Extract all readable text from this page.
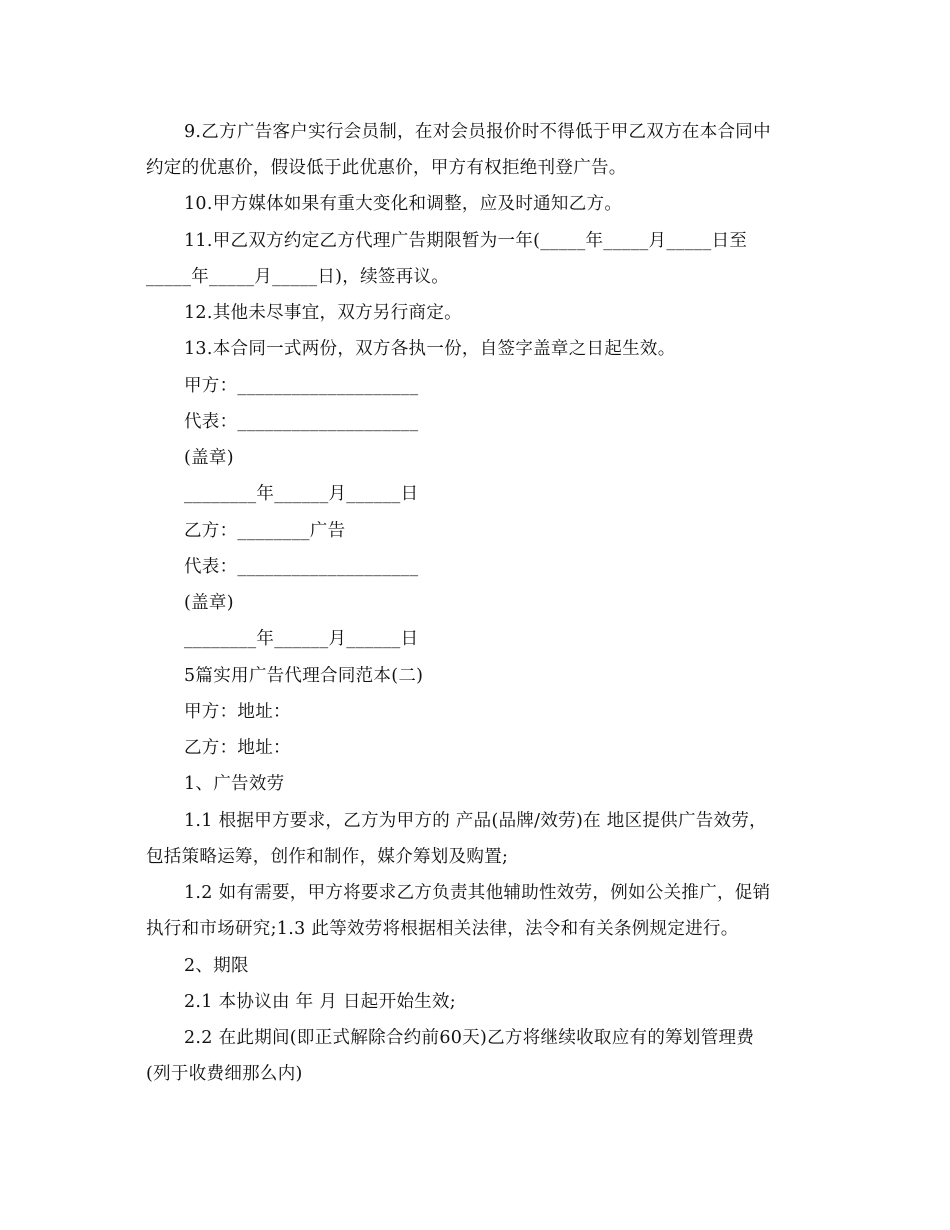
9.乙方广告客户实行会员制，在对会员报价时不得低于甲乙双方在本合同中

约定的优惠价，假设低于此优惠价，甲方有权拒绝刊登广告。

10.甲方媒体如果有重大变化和调整，应及时通知乙方。

11.甲乙双方约定乙方代理广告期限暂为一年(_____年_____月_____日至

_____年_____月_____日)，续签再议。

12.其他未尽事宜，双方另行商定。

13.本合同一式两份，双方各执一份，自签字盖章之日起生效。

甲方：____________________

代表：____________________

(盖章)

________年______月______日

乙方：________广告

代表：____________________

(盖章)

________年______月______日

5篇实用广告代理合同范本(二)

甲方：地址：

乙方：地址：

1、广告效劳

1.1 根据甲方要求，乙方为甲方的 产品(品牌/效劳)在 地区提供广告效劳，

包括策略运筹，创作和制作，媒介筹划及购置;

1.2 如有需要，甲方将要求乙方负责其他辅助性效劳，例如公关推广，促销

执行和市场研究;1.3 此等效劳将根据相关法律，法令和有关条例规定进行。

2、期限

2.1 本协议由 年 月 日起开始生效;

2.2 在此期间(即正式解除合约前60天)乙方将继续收取应有的筹划管理费

(列于收费细那么内)
